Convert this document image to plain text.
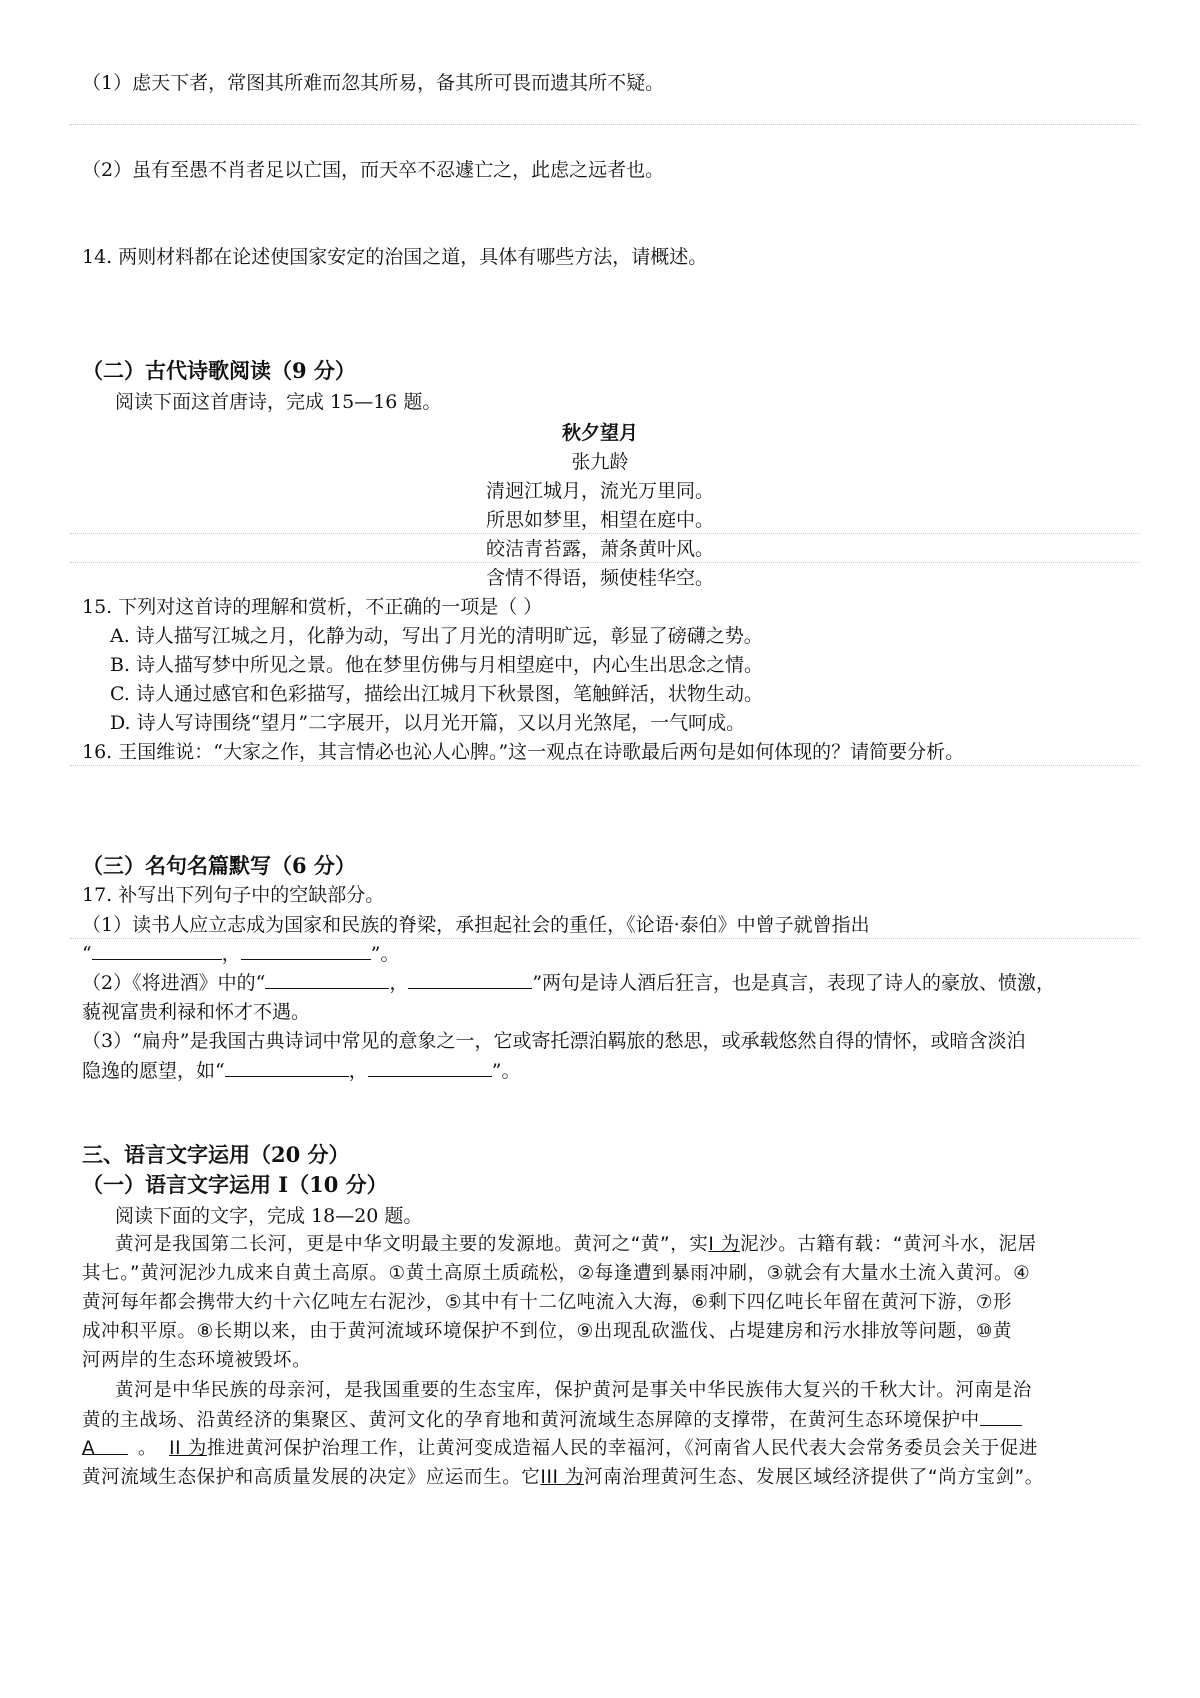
（1）虑天下者，常图其所难而忽其所易，备其所可畏而遗其所不疑。
（2）虽有至愚不肖者足以亡国，而天卒不忍遽亡之，此虑之远者也。
14. 两则材料都在论述使国家安定的治国之道，具体有哪些方法，请概述。
（二）古代诗歌阅读（9 分）
阅读下面这首唐诗，完成 15—16 题。
秋夕望月
张九龄
清迥江城月，流光万里同。
所思如梦里，相望在庭中。
皎洁青苔露，萧条黄叶风。
含情不得语，频使桂华空。
15. 下列对这首诗的理解和赏析，不正确的一项是（ ）
A. 诗人描写江城之月，化静为动，写出了月光的清明旷远，彰显了磅礴之势。
B. 诗人描写梦中所见之景。他在梦里仿佛与月相望庭中，内心生出思念之情。
C. 诗人通过感官和色彩描写，描绘出江城月下秋景图，笔触鲜活，状物生动。
D. 诗人写诗围绕“望月”二字展开，以月光开篇，又以月光煞尾，一气呵成。
16. 王国维说：“大家之作，其言情必也沁人心脾。”这一观点在诗歌最后两句是如何体现的？请简要分析。
（三）名句名篇默写（6 分）
17. 补写出下列句子中的空缺部分。
（1）读书人应立志成为国家和民族的脊梁，承担起社会的重任，《论语·泰伯》中曾子就曾指出
“	，	”。
（2）《将进酒》中的“	，	”两句是诗人酒后狂言，也是真言，表现了诗人的豪放、愤激，
藐视富贵利禄和怀才不遇。
（3）“扁舟”是我国古典诗词中常见的意象之一，它或寄托漂泊羁旅的愁思，或承载悠然自得的情怀，或暗含淡泊
隐逸的愿望，如“	，	”。
三、语言文字运用（20 分）
（一）语言文字运用 I（10 分）
阅读下面的文字，完成 18—20 题。
黄河是我国第二长河，更是中华文明最主要的发源地。黄河之“黄”，实I 为泥沙。古籍有载：“黄河斗水，泥居
其七。”黄河泥沙九成来自黄土高原。①黄土高原土质疏松，②每逢遭到暴雨冲刷，③就会有大量水土流入黄河。④
黄河每年都会携带大约十六亿吨左右泥沙，⑤其中有十二亿吨流入大海，⑥剩下四亿吨长年留在黄河下游，⑦形
成冲积平原。⑧长期以来，由于黄河流域环境保护不到位，⑨出现乱砍滥伐、占堤建房和污水排放等问题，⑩黄
河两岸的生态环境被毁坏。
黄河是中华民族的母亲河，是我国重要的生态宝库，保护黄河是事关中华民族伟大复兴的千秋大计。河南是治
黄的主战场、沿黄经济的集聚区、黄河文化的孕育地和黄河流域生态屏障的支撑带，在黄河生态环境保护中
A 。 II 为推进黄河保护治理工作，让黄河变成造福人民的幸福河，《河南省人民代表大会常务委员会关于促进
黄河流域生态保护和高质量发展的决定》应运而生。它III 为河南治理黄河生态、发展区域经济提供了“尚方宝剑”。
